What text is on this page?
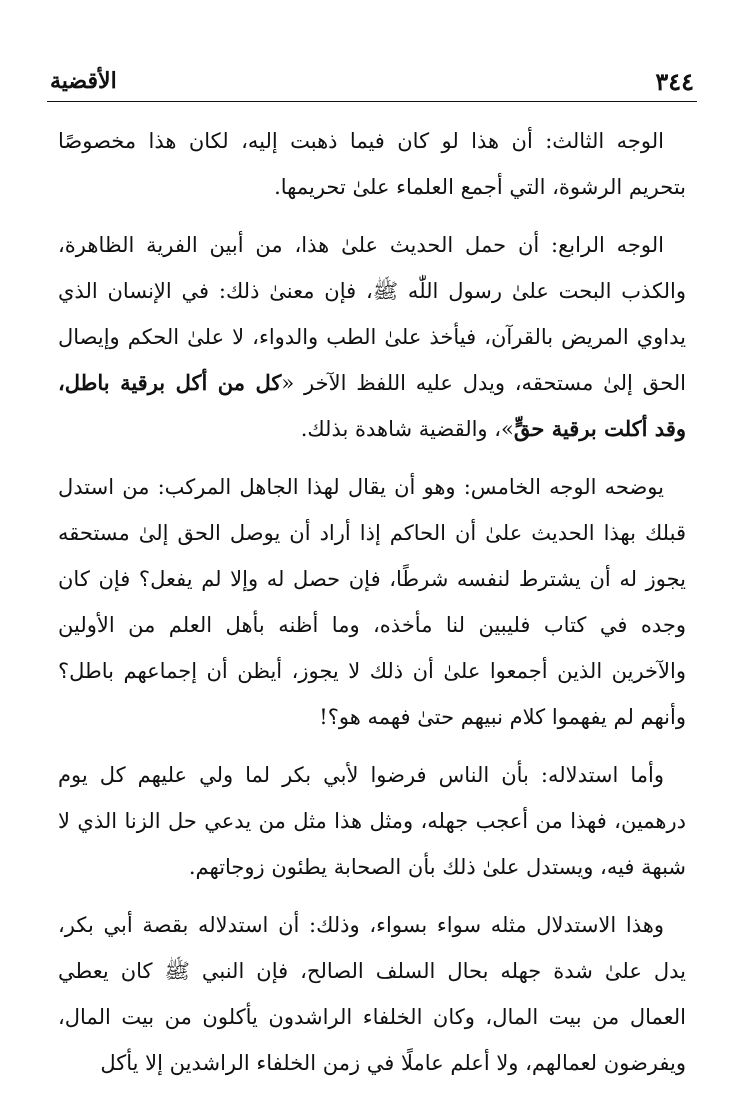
٣٤٤
الأقضية

الوجه الثالث: أن هذا لو كان فيما ذهبت إليه، لكان هذا مخصوصًا بتحريم الرشوة، التي أجمع العلماء علىٰ تحريمها.

الوجه الرابع: أن حمل الحديث علىٰ هذا، من أبين الفرية الظاهرة، والكذب البحت علىٰ رسول اللّٰه ﷺ، فإن معنىٰ ذلك: في الإنسان الذي يداوي المريض بالقرآن، فيأخذ علىٰ الطب والدواء، لا علىٰ الحكم وإيصال الحق إلىٰ مستحقه، ويدل عليه اللفظ الآخر «كل من أكل برقية باطل، وقد أكلت برقية حقٍّ»، والقضية شاهدة بذلك.

يوضحه الوجه الخامس: وهو أن يقال لهذا الجاهل المركب: من استدل قبلك بهذا الحديث علىٰ أن الحاكم إذا أراد أن يوصل الحق إلىٰ مستحقه يجوز له أن يشترط لنفسه شرطًا، فإن حصل له وإلا لم يفعل؟ فإن كان وجده في كتاب فليبين لنا مأخذه، وما أظنه بأهل العلم من الأولين والآخرين الذين أجمعوا علىٰ أن ذلك لا يجوز، أيظن أن إجماعهم باطل؟ وأنهم لم يفهموا كلام نبيهم حتىٰ فهمه هو؟!

وأما استدلاله: بأن الناس فرضوا لأبي بكر لما ولي عليهم كل يوم درهمين، فهذا من أعجب جهله، ومثل هذا مثل من يدعي حل الزنا الذي لا شبهة فيه، ويستدل علىٰ ذلك بأن الصحابة يطئون زوجاتهم.

وهذا الاستدلال مثله سواء بسواء، وذلك: أن استدلاله بقصة أبي بكر، يدل علىٰ شدة جهله بحال السلف الصالح، فإن النبي ﷺ كان يعطي العمال من بيت المال، وكان الخلفاء الراشدون يأكلون من بيت المال، ويفرضون لعمالهم، ولا أعلم عاملًا في زمن الخلفاء الراشدين إلا يأكل
